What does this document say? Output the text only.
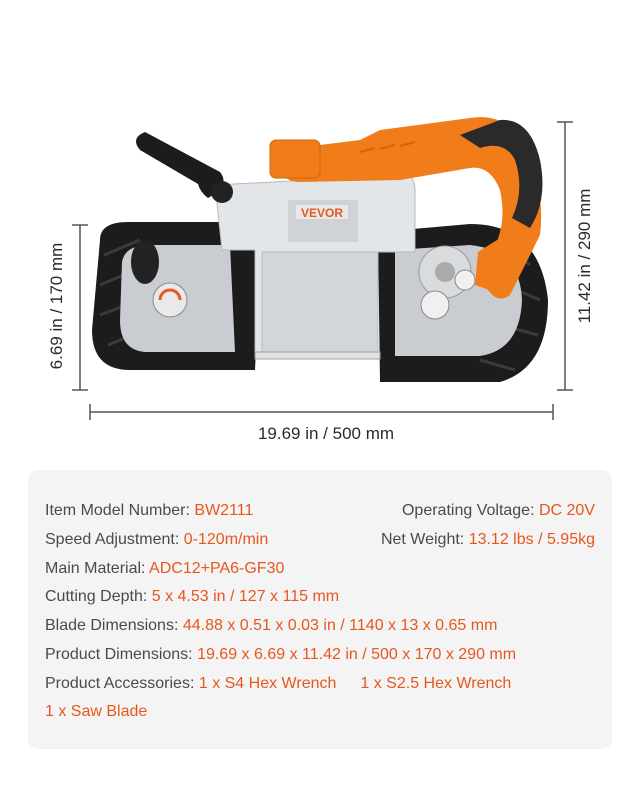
VEVOR
6.69 in / 170 mm	11.42 in / 290 mm
19.69 in / 500 mm
Item Model Number: BW2111	Operating Voltage: DC 20V
Speed Adjustment: 0-120m/min	Net Weight: 13.12 lbs / 5.95kg
Main Material: ADC12+PA6-GF30
Cutting Depth: 5 x 4.53 in / 127 x 115 mm
Blade Dimensions: 44.88 x 0.51 x 0.03 in / 1140 x 13 x 0.65 mm
Product Dimensions: 19.69 x 6.69 x 11.42 in / 500 x 170 x 290 mm
Product Accessories: 1 x S4 Hex Wrench 1 x S2.5 Hex Wrench
1 x Saw Blade
